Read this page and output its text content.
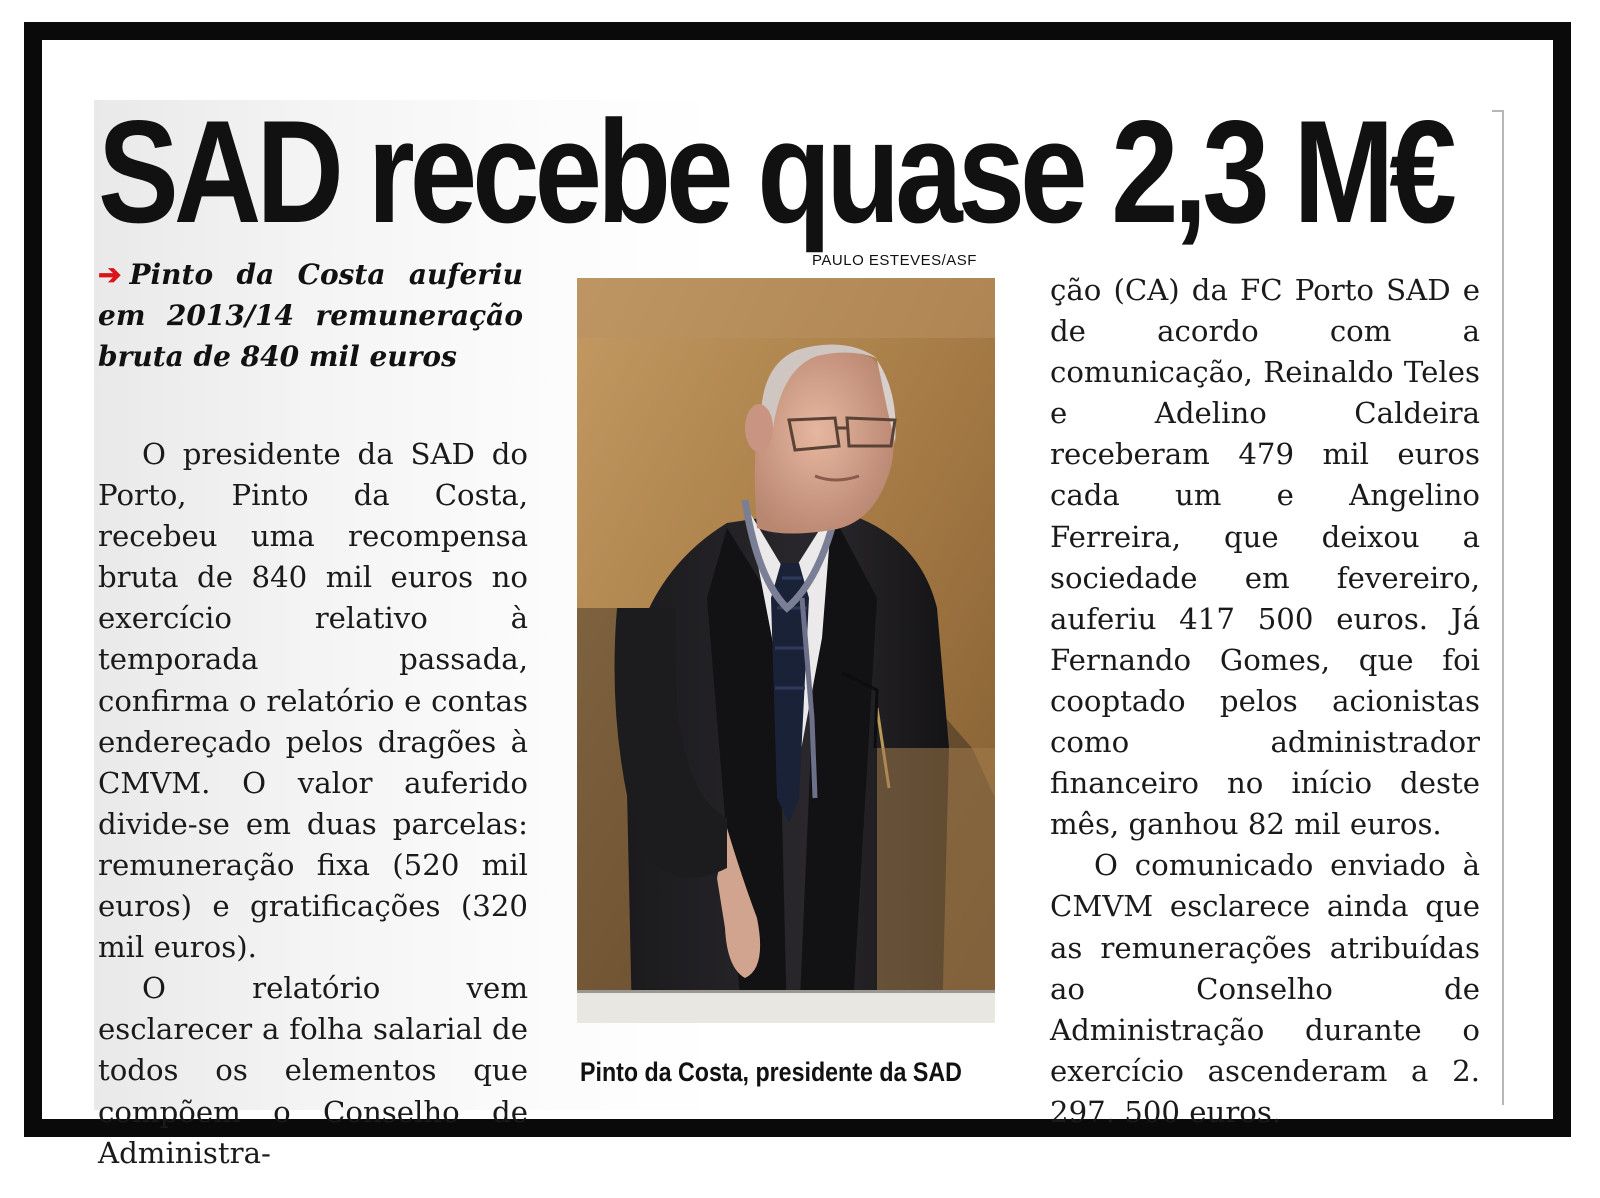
SAD recebe quase 2,3 M€

➔ Pinto da Costa auferiu em 2013/14 remuneração bruta de 840 mil euros

O presidente da SAD do Porto, Pinto da Costa, recebeu uma recompensa bruta de 840 mil euros no exercício relativo à temporada passada, confirma o relatório e contas endereçado pelos dragões à CMVM. O valor auferido divide-se em duas parcelas: remuneração fixa (520 mil euros) e gratificações (320 mil euros).

O relatório vem esclarecer a folha salarial de todos os elementos que compõem o Conselho de Administra-

PAULO ESTEVES/ASF

Pinto da Costa, presidente da SAD

ção (CA) da FC Porto SAD e de acordo com a comunicação, Reinaldo Teles e Adelino Caldeira receberam 479 mil euros cada um e Angelino Ferreira, que deixou a sociedade em fevereiro, auferiu 417 500 euros. Já Fernando Gomes, que foi cooptado pelos acionistas como administrador financeiro no início deste mês, ganhou 82 mil euros.

O comunicado enviado à CMVM esclarece ainda que as remunerações atribuídas ao Conselho de Administração durante o exercício ascenderam a 2. 297. 500 euros.
